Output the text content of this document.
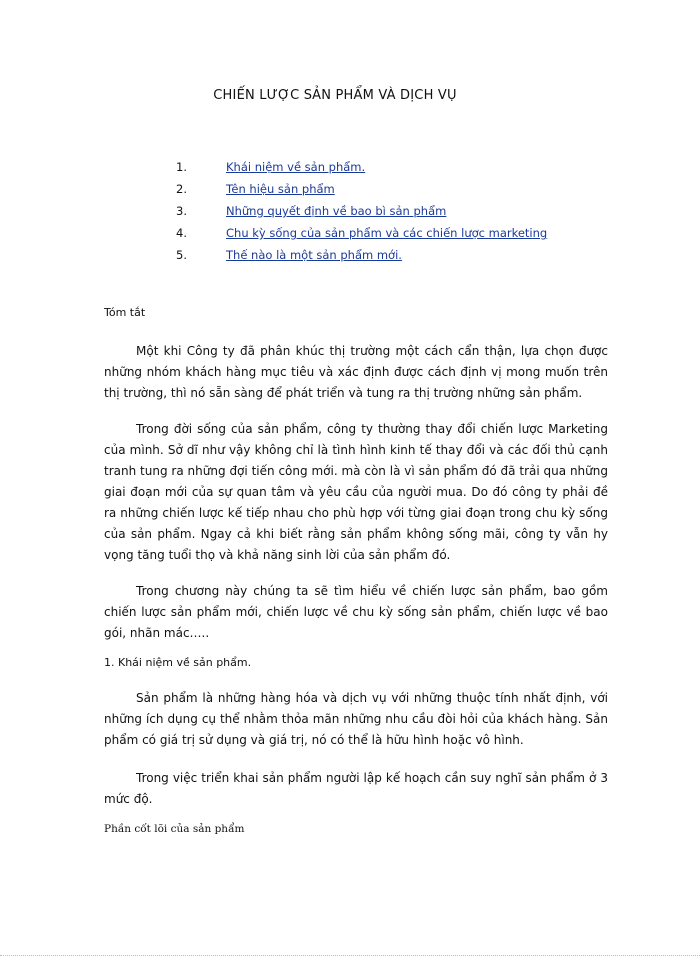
CHIẾN LƯỢC SẢN PHẨM VÀ DỊCH VỤ
1.	Khái niệm về sản phẩm.
2.	Tên hiệu sản phẩm
3.	Những quyết định về bao bì sản phẩm
4.	Chu kỳ sống của sản phẩm và các chiến lược marketing
5.	Thế nào là một sản phẩm mới.
Tóm tắt
Một khi Công ty đã phân khúc thị trường một cách cẩn thận, lựa chọn được những nhóm khách hàng mục tiêu và xác định được cách định vị mong muốn trên thị trường, thì nó sẵn sàng để phát triển và tung ra thị trường những sản phẩm.
Trong đời sống của sản phẩm, công ty thường thay đổi chiến lược Marketing của mình. Sở dĩ như vậy không chỉ là tình hình kinh tế thay đổi và các đối thủ cạnh tranh tung ra những đợi tiến công mới. mà còn là vì sản phẩm đó đã trải qua những giai đoạn mới của sự quan tâm và yêu cầu của người mua. Do đó công ty phải đề ra những chiến lược kế tiếp nhau cho phù hợp với từng giai đoạn trong chu kỳ sống của sản phẩm. Ngay cả khi biết rằng sản phẩm không sống mãi, công ty vẫn hy vọng tăng tuổi thọ và khả năng sinh lời của sản phẩm đó.
Trong chương này chúng ta sẽ tìm hiểu về chiến lược sản phẩm, bao gồm chiến lược sản phẩm mới, chiến lược về chu kỳ sống sản phẩm, chiến lược về bao gói, nhãn mác…..
1. Khái niệm về sản phẩm.
Sản phẩm là những hàng hóa và dịch vụ với những thuộc tính nhất định, với những ích dụng cụ thể nhằm thỏa mãn những nhu cầu đòi hỏi của khách hàng. Sản phẩm có giá trị sử dụng và giá trị, nó có thể là hữu hình hoặc vô hình.
Trong việc triển khai sản phẩm người lập kế hoạch cần suy nghĩ sản phẩm ở 3 mức độ.
Phần cốt lõi của sản phẩm
